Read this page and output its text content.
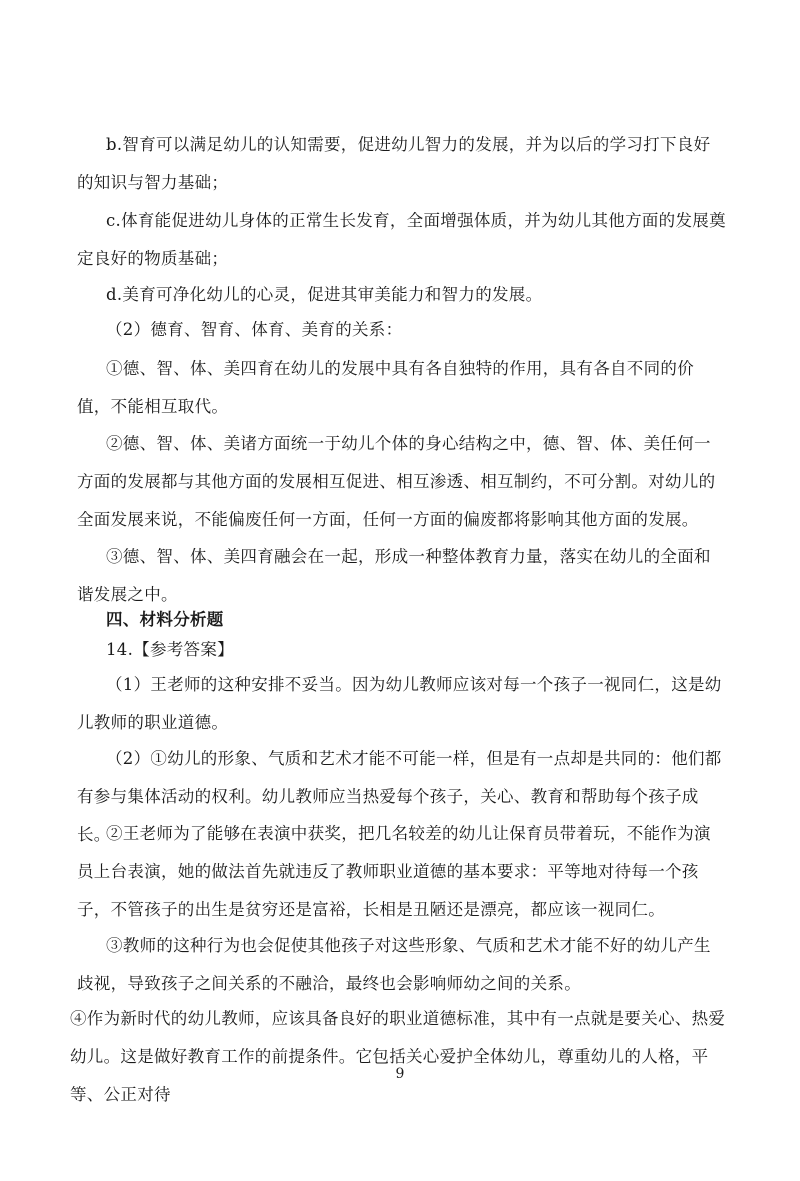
b.智育可以满足幼儿的认知需要，促进幼儿智力的发展，并为以后的学习打下良好的知识与智力基础；

c.体育能促进幼儿身体的正常生长发育，全面增强体质，并为幼儿其他方面的发展奠定良好的物质基础；

d.美育可净化幼儿的心灵，促进其审美能力和智力的发展。

（2）德育、智育、体育、美育的关系：

①德、智、体、美四育在幼儿的发展中具有各自独特的作用，具有各自不同的价值，不能相互取代。

②德、智、体、美诸方面统一于幼儿个体的身心结构之中，德、智、体、美任何一方面的发展都与其他方面的发展相互促进、相互渗透、相互制约，不可分割。对幼儿的全面发展来说，不能偏废任何一方面，任何一方面的偏废都将影响其他方面的发展。

③德、智、体、美四育融会在一起，形成一种整体教育力量，落实在幼儿的全面和谐发展之中。

四、材料分析题

14.【参考答案】

（1）王老师的这种安排不妥当。因为幼儿教师应该对每一个孩子一视同仁，这是幼儿教师的职业道德。

（2）①幼儿的形象、气质和艺术才能不可能一样，但是有一点却是共同的：他们都有参与集体活动的权利。幼儿教师应当热爱每个孩子，关心、教育和帮助每个孩子成长。

②王老师为了能够在表演中获奖，把几名较差的幼儿让保育员带着玩，不能作为演员上台表演，她的做法首先就违反了教师职业道德的基本要求：平等地对待每一个孩子，不管孩子的出生是贫穷还是富裕，长相是丑陋还是漂亮，都应该一视同仁。

③教师的这种行为也会促使其他孩子对这些形象、气质和艺术才能不好的幼儿产生歧视，导致孩子之间关系的不融洽，最终也会影响师幼之间的关系。

④作为新时代的幼儿教师，应该具备良好的职业道德标准，其中有一点就是要关心、热爱幼儿。这是做好教育工作的前提条件。它包括关心爱护全体幼儿，尊重幼儿的人格，平等、公正对待

9
